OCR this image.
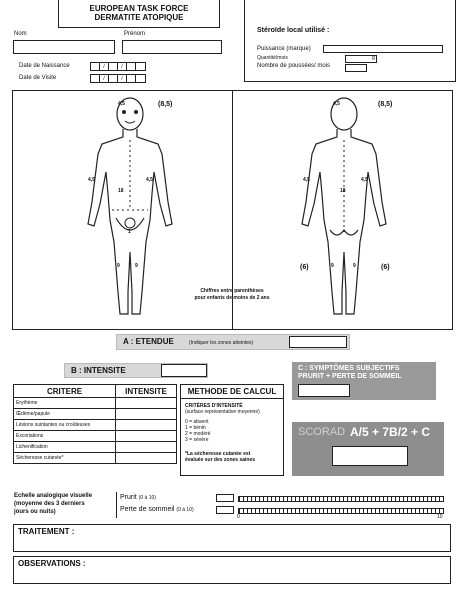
EUROPEAN TASK FORCE
DERMATITE ATOPIQUE
Nom	Prénom
Date de Naissance	/	/
Date de Visite	/	/
Stéroïde local utilisé :
Puissance (marque)
Quantité/mois	g
Nombre de poussées/ mois
4,5	(8,5)
4,5	4,5
18
1
9	9
4,5	(8,5)
4,5	4,5
18
9	9
(6)	(6)
Chiffres entre parenthèses
pour enfants de moins de 2 ans
A : ETENDUE	(Indiquer les zones atteintes)
B : INTENSITE
CRITERE	INTENSITE
Erythème	
Œdème/papule	
Lésions suintantes ou croûteuses	
Excoriations	
Lichenification	
Sécheresse cutanée*	
METHODE DE CALCUL
CRITÈRES D'INTENSITÉ
(surface représentative moyenne)
0 = absent
1 = bénin
2 = modéré
3 = sévère
*La sécheresse cutanée est
évaluée sur des zones saines
C : SYMPTÔMES SUBJECTIFS
PRURIT + PERTE DE SOMMEIL
SCORAD A/5 + 7B/2 + C
Echelle analogique visuelle
(moyenne des 3 derniers
jours ou nuits)
Prurit (0 à 10)
Perte de sommeil (0 à 10)
0	10
TRAITEMENT :
OBSERVATIONS :
